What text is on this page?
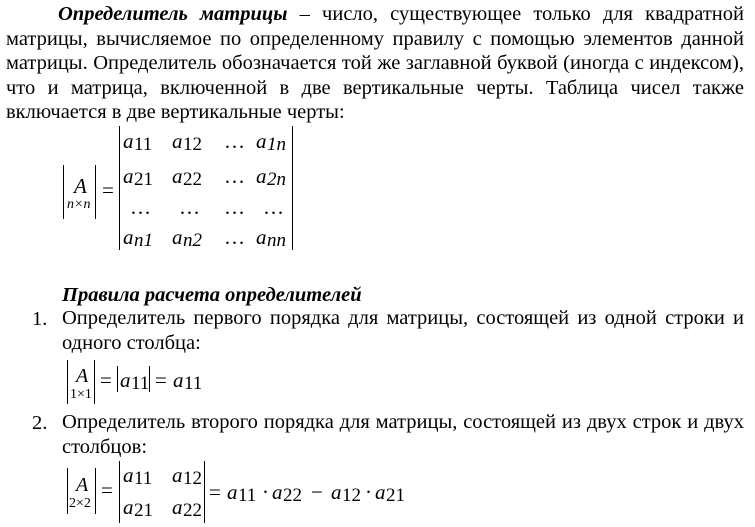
Определитель матрицы – число, существующее только для квадратной матрицы, вычисляемое по определенному правилу с помощью элементов данной матрицы. Определитель обозначается той же заглавной буквой (иногда с индексом), что и матрица, включенной в две вертикальные черты. Таблица чисел также включается в две вертикальные черты:
A
n×n
=
a 11 a 12 … a 1n
a 21 a 22 … a 2n
… … … …
a n1 a n2 … a nn
Правила расчета определителей
1. Определитель первого порядка для матрицы, состоящей из одной строки и одного столбца:
A
1×1
= a 11 = a 11
2. Определитель второго порядка для матрицы, состоящей из двух строк и двух столбцов:
A
2×2
=
a 11 a 12
a 21 a 22
= a 11 · a 22 − a 12 · a 21
